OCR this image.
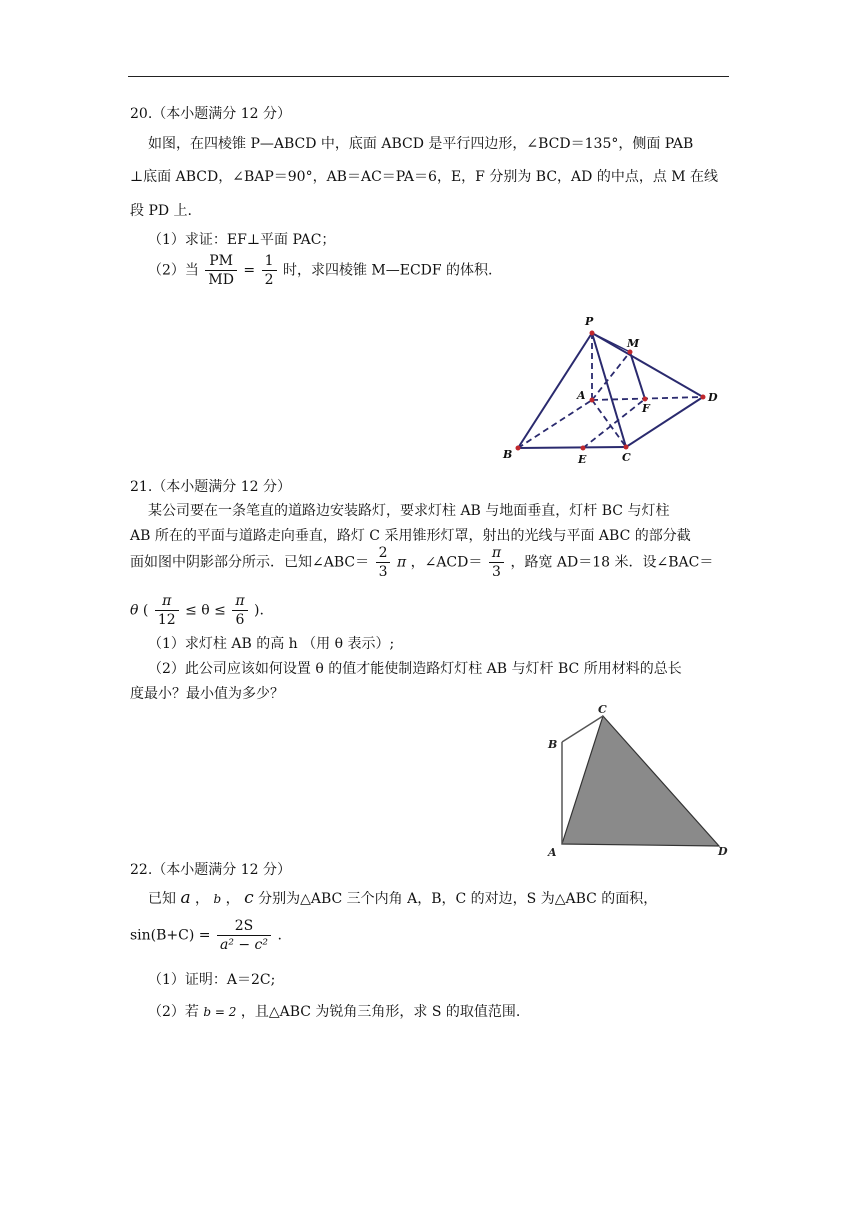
20.（本小题满分 12 分）
如图，在四棱锥 P—ABCD 中，底面 ABCD 是平行四边形，∠BCD＝135°，侧面 PAB
⊥底面 ABCD，∠BAP＝90°，AB＝AC＝PA＝6，E，F 分别为 BC，AD 的中点，点 M 在线
段 PD 上.
（1）求证：EF⊥平面 PAC；
（2）当 $\frac{PM}{MD} = \frac{1}{2}$ 时，求四棱锥 M—ECDF 的体积.
P
M
A
F
D
B	E	C
21.（本小题满分 12 分）
某公司要在一条笔直的道路边安装路灯，要求灯柱 AB 与地面垂直，灯杆 BC 与灯柱
AB 所在的平面与道路走向垂直，路灯 C 采用锥形灯罩，射出的光线与平面 ABC 的部分截
面如图中阴影部分所示．已知∠ABC＝ $\frac{2}{3}$ π ，∠ACD＝ $\frac{\pi}{3}$ ，路宽 AD＝18 米．设∠BAC＝
θ ( $\frac{\pi}{12} \le \theta \le \frac{\pi}{6}$ ).
（1）求灯柱 AB 的高 h （用 θ 表示）;
（2）此公司应该如何设置 θ 的值才能使制造路灯灯柱 AB 与灯杆 BC 所用材料的总长
度最小？最小值为多少？
C
B
A	D
22.（本小题满分 12 分）
已知 a ， b ， c 分别为△ABC 三个内角 A，B，C 的对边，S 为△ABC 的面积，
$\sin(B+C) = \frac{2S}{\text{a² − c²}}$ .
（1）证明：A＝2C;
（2）若 b = 2 ，且△ABC 为锐角三角形，求 S 的取值范围.
